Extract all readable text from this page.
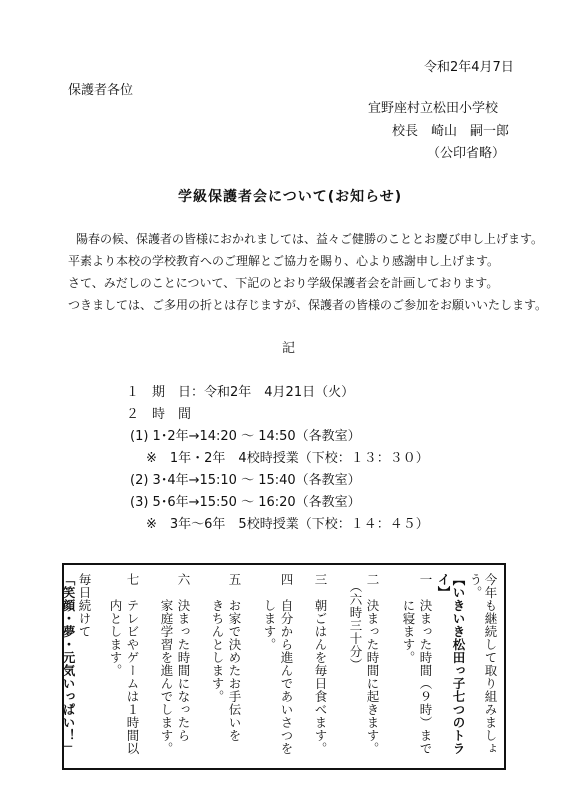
令和2年4月7日
保護者各位
宜野座村立松田小学校
校長　崎山　嗣一郎
（公印省略）
学級保護者会について(お知らせ)
陽春の候、保護者の皆様におかれましては、益々ご健勝のこととお慶び申し上げます。
平素より本校の学校教育へのご理解とご協力を賜り、心より感謝申し上げます。
さて、みだしのことについて、下記のとおり学級保護者会を計画しております。
つきましては、ご多用の折とは存じますが、保護者の皆様のご参加をお願いいたします。
記
１　期　日：令和2年　4月21日（火）
２　時　間
(1) 1･2年→14:20 ～ 14:50（各教室）
※　1年・2年　4校時授業（下校：１３：３０）
(2) 3･4年→15:10 ～ 15:40（各教室）
(3) 5･6年→15:50 ～ 16:20（各教室）
※　3年～6年　5校時授業（下校：１４：４５）
今年も継続して取り組みましょう。
【いきいき松田っ子七つのトライ】
一　決まった時間（９時）まで
　　に寝ます。
二　決まった時間に起きます。
　（六時三十分）
三　朝ごはんを毎日食べます。
四　自分から進んであいさつを
　　します。
五　お家で決めたお手伝いを
　　きちんとします。
六　決まった時間になったら
　　家庭学習を進んでします。
七　テレビやゲームは１時間以
　　内とします。
毎日続けて
「笑顔・夢・元気いっぱい！」
